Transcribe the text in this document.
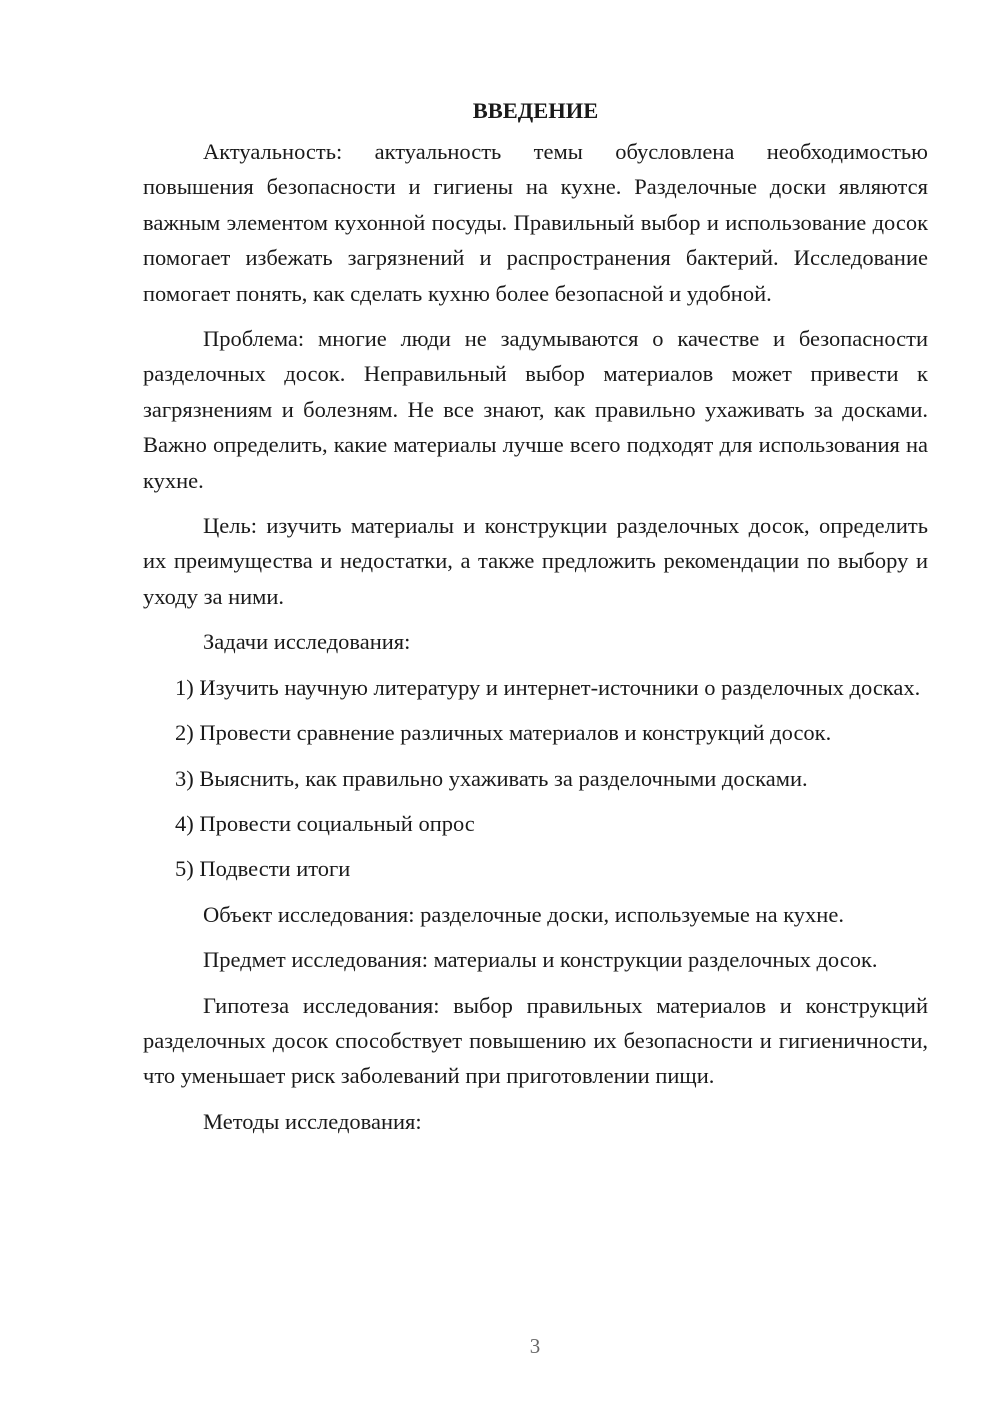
ВВЕДЕНИЕ

Актуальность: актуальность темы обусловлена необходимостью повышения безопасности и гигиены на кухне. Разделочные доски являются важным элементом кухонной посуды. Правильный выбор и использование досок помогает избежать загрязнений и распространения бактерий. Исследование помогает понять, как сделать кухню более безопасной и удобной.

Проблема: многие люди не задумываются о качестве и безопасности разделочных досок. Неправильный выбор материалов может привести к загрязнениям и болезням. Не все знают, как правильно ухаживать за досками. Важно определить, какие материалы лучше всего подходят для использования на кухне.

Цель: изучить материалы и конструкции разделочных досок, определить их преимущества и недостатки, а также предложить рекомендации по выбору и уходу за ними.

Задачи исследования:

1) Изучить научную литературу и интернет-источники о разделочных досках.

2) Провести сравнение различных материалов и конструкций досок.

3) Выяснить, как правильно ухаживать за разделочными досками.

4) Провести социальный опрос

5) Подвести итоги

Объект исследования: разделочные доски, используемые на кухне.

Предмет исследования: материалы и конструкции разделочных досок.

Гипотеза исследования: выбор правильных материалов и конструкций разделочных досок способствует повышению их безопасности и гигиеничности, что уменьшает риск заболеваний при приготовлении пищи.

Методы исследования:

3
